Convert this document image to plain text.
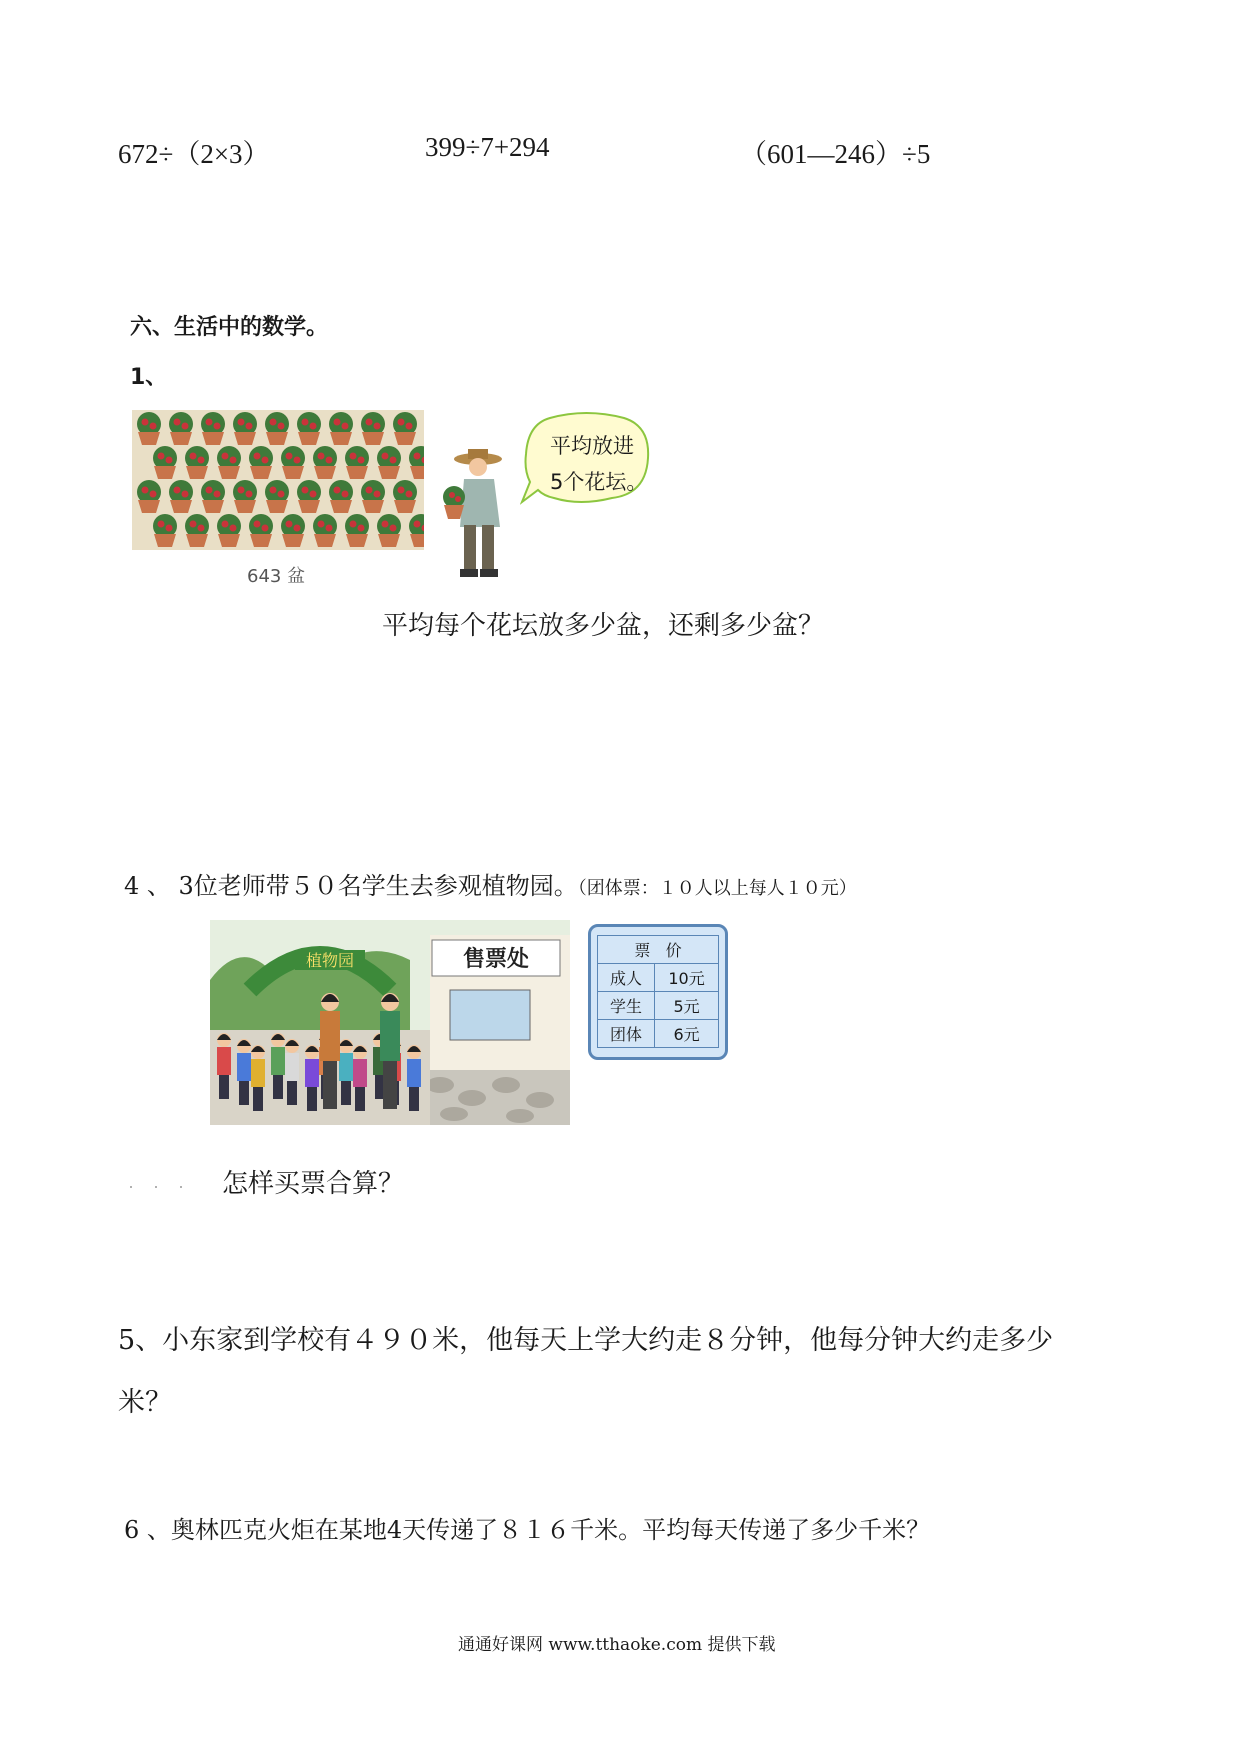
672÷（2×3）	399÷7+294	（601—246）÷5
六、生活中的数学。
1、
643 盆
平均放进
5个花坛。
平均每个花坛放多少盆，还剩多少盆？
4 、 3位老师带５０名学生去参观植物园。（团体票：１０人以上每人１０元）
植物园	售票处	票 价	
成人	10元
学生	5元
团体	6元
怎样买票合算？
5、小东家到学校有４９０米，他每天上学大约走８分钟，他每分钟大约走多少
米？
6 、奥林匹克火炬在某地4天传递了８１６千米。平均每天传递了多少千米？
通通好课网 www.tthaoke.com 提供下载
